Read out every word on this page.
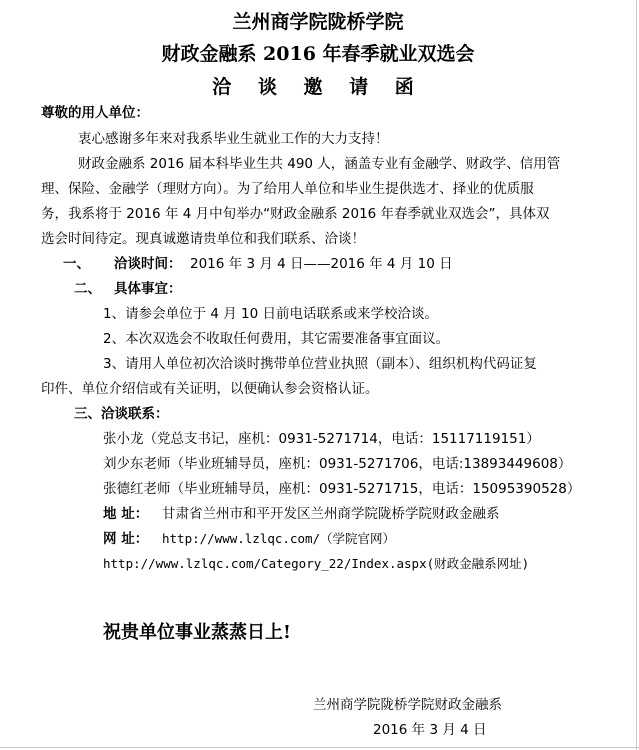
兰州商学院陇桥学院
财政金融系 2016 年春季就业双选会
洽 谈 邀 请 函
尊敬的用人单位：
衷心感谢多年来对我系毕业生就业工作的大力支持！
财政金融系 2016 届本科毕业生共 490 人，涵盖专业有金融学、财政学、信用管
理、保险、金融学（理财方向）。为了给用人单位和毕业生提供选才、择业的优质服
务，我系将于 2016 年 4 月中旬举办“财政金融系 2016 年春季就业双选会”，具体双
选会时间待定。现真诚邀请贵单位和我们联系、洽谈！
一、 洽谈时间： 2016 年 3 月 4 日——2016 年 4 月 10 日
二、 具体事宜：
1、请参会单位于 4 月 10 日前电话联系或来学校洽谈。
2、本次双选会不收取任何费用，其它需要准备事宜面议。
3、请用人单位初次洽谈时携带单位营业执照（副本）、组织机构代码证复
印件、单位介绍信或有关证明，以便确认参会资格认证。
三、洽谈联系：
张小龙（党总支书记，座机：0931-5271714，电话：15117119151）
刘少东老师（毕业班辅导员，座机：0931-5271706，电话:13893449608）
张德红老师（毕业班辅导员，座机：0931-5271715，电话：15095390528）
地 址： 甘肃省兰州市和平开发区兰州商学院陇桥学院财政金融系
网 址： http://www.lzlqc.com/（学院官网）
http://www.lzlqc.com/Category_22/Index.aspx(财政金融系网址)
祝贵单位事业蒸蒸日上!
兰州商学院陇桥学院财政金融系
2016 年 3 月 4 日
